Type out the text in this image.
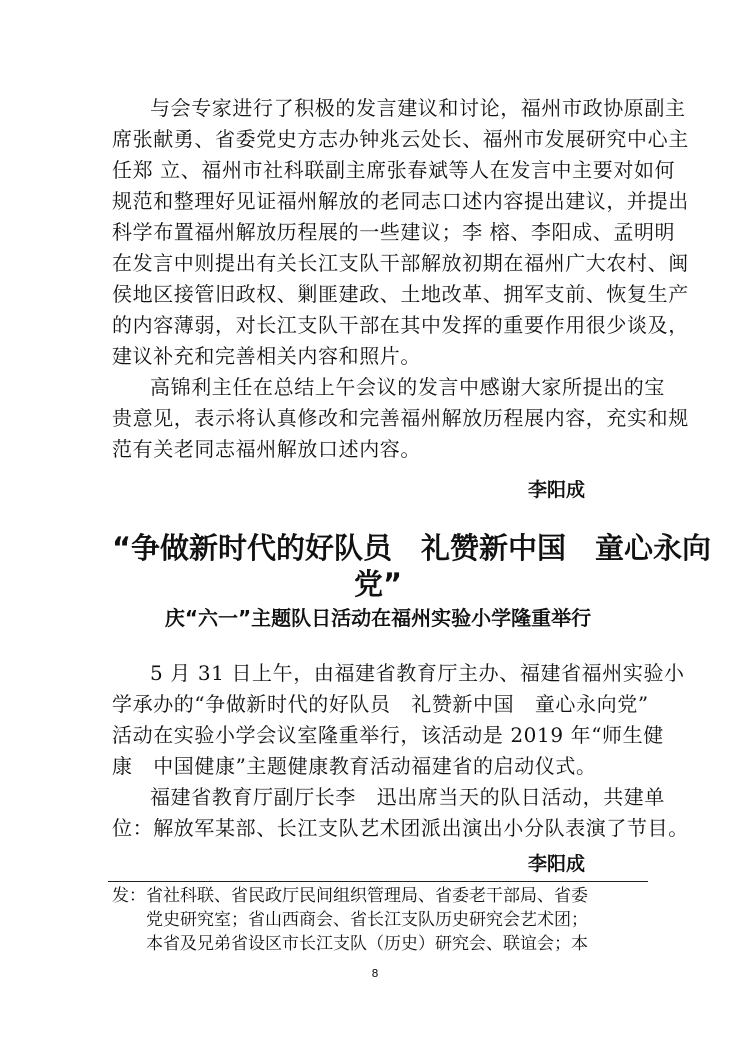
与会专家进行了积极的发言建议和讨论，福州市政协原副主
席张献勇、省委党史方志办钟兆云处长、福州市发展研究中心主
任郑 立、福州市社科联副主席张春斌等人在发言中主要对如何
规范和整理好见证福州解放的老同志口述内容提出建议，并提出
科学布置福州解放历程展的一些建议；李 榕、李阳成、孟明明
在发言中则提出有关长江支队干部解放初期在福州广大农村、闽
侯地区接管旧政权、剿匪建政、土地改革、拥军支前、恢复生产
的内容薄弱，对长江支队干部在其中发挥的重要作用很少谈及，
建议补充和完善相关内容和照片。
高锦利主任在总结上午会议的发言中感谢大家所提出的宝
贵意见，表示将认真修改和完善福州解放历程展内容，充实和规
范有关老同志福州解放口述内容。
李阳成
“争做新时代的好队员　礼赞新中国　童心永向
党”
庆“六一”主题队日活动在福州实验小学隆重举行
5 月 31 日上午，由福建省教育厅主办、福建省福州实验小
学承办的“争做新时代的好队员　礼赞新中国　童心永向党”
活动在实验小学会议室隆重举行，该活动是 2019 年“师生健
康　中国健康”主题健康教育活动福建省的启动仪式。
福建省教育厅副厅长李　迅出席当天的队日活动，共建单
位：解放军某部、长江支队艺术团派出演出小分队表演了节目。
李阳成
发：省社科联、省民政厅民间组织管理局、省委老干部局、省委
　　党史研究室；省山西商会、省长江支队历史研究会艺术团；
　　本省及兄弟省设区市长江支队（历史）研究会、联谊会；本
8
